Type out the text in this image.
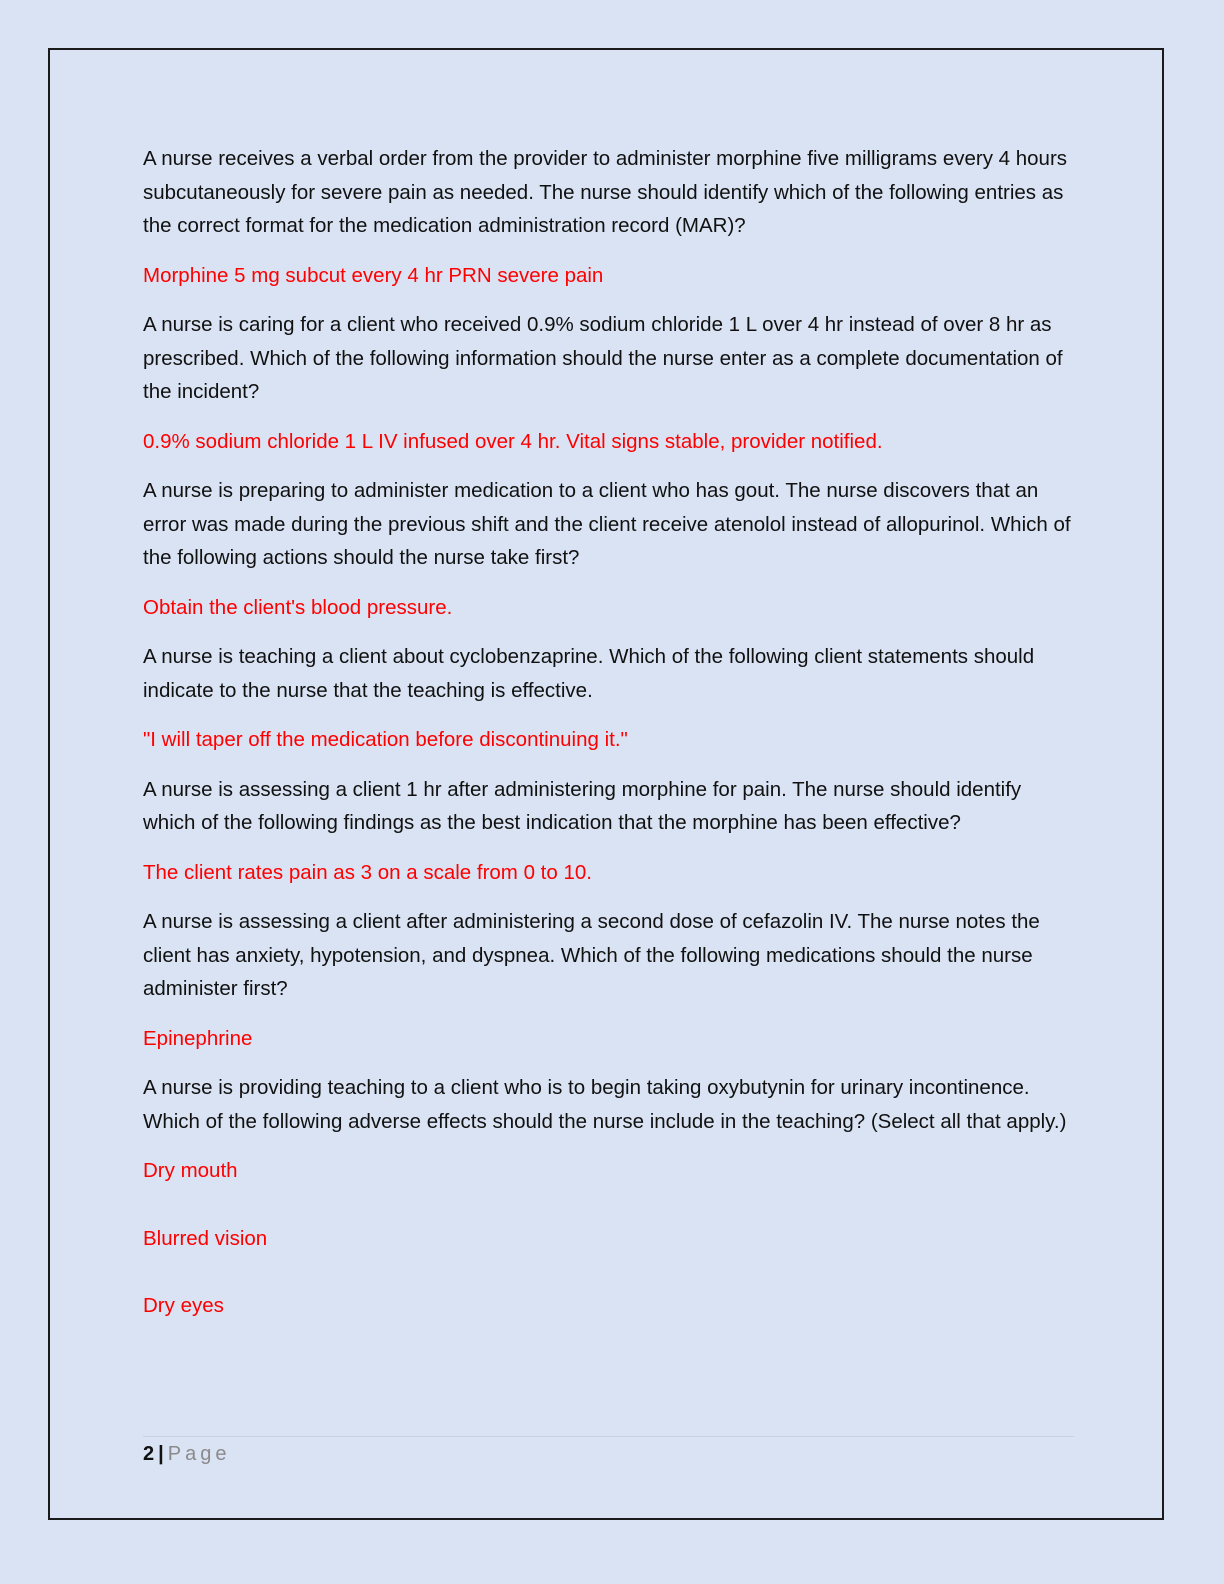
A nurse receives a verbal order from the provider to administer morphine five milligrams every 4 hours subcutaneously for severe pain as needed. The nurse should identify which of the following entries as the correct format for the medication administration record (MAR)?

Morphine 5 mg subcut every 4 hr PRN severe pain

A nurse is caring for a client who received 0.9% sodium chloride 1 L over 4 hr instead of over 8 hr as prescribed. Which of the following information should the nurse enter as a complete documentation of the incident?

0.9% sodium chloride 1 L IV infused over 4 hr. Vital signs stable, provider notified.

A nurse is preparing to administer medication to a client who has gout. The nurse discovers that an error was made during the previous shift and the client receive atenolol instead of allopurinol. Which of the following actions should the nurse take first?

Obtain the client's blood pressure.

A nurse is teaching a client about cyclobenzaprine. Which of the following client statements should indicate to the nurse that the teaching is effective.

"I will taper off the medication before discontinuing it."

A nurse is assessing a client 1 hr after administering morphine for pain. The nurse should identify which of the following findings as the best indication that the morphine has been effective?

The client rates pain as 3 on a scale from 0 to 10.

A nurse is assessing a client after administering a second dose of cefazolin IV. The nurse notes the client has anxiety, hypotension, and dyspnea. Which of the following medications should the nurse administer first?

Epinephrine

A nurse is providing teaching to a client who is to begin taking oxybutynin for urinary incontinence. Which of the following adverse effects should the nurse include in the teaching? (Select all that apply.)

Dry mouth

Blurred vision

Dry eyes

2 | Page
